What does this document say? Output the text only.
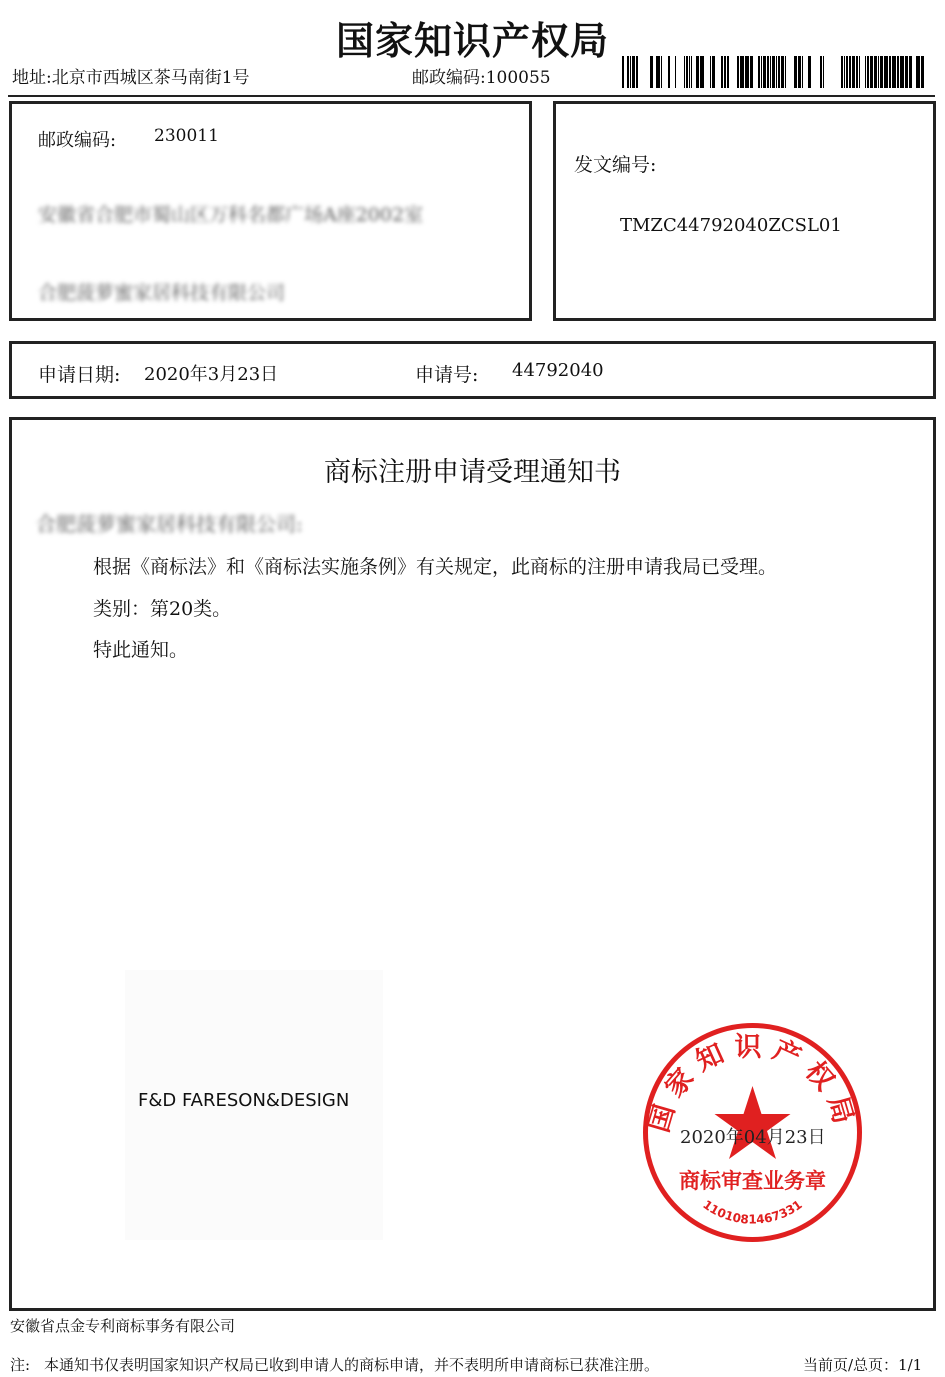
国家知识产权局
地址:北京市西城区茶马南街1号	邮政编码:100055
邮政编码: 230011
安徽省合肥市蜀山区万科名都广场A座2002室
合肥菠萝蜜家居科技有限公司
发文编号:
TMZC44792040ZCSL01
申请日期: 2020年3月23日	申请号: 44792040
商标注册申请受理通知书
合肥菠萝蜜家居科技有限公司:
根据《商标法》和《商标法实施条例》有关规定，此商标的注册申请我局已受理。
类别：第20类。
特此通知。
F&D FARESON&DESIGN	国家知识产权局
商标审查业务章
1101081467331
2020年04月23日
安徽省点金专利商标事务有限公司
注: 本通知书仅表明国家知识产权局已收到申请人的商标申请，并不表明所申请商标已获准注册。	当前页/总页：1/1
